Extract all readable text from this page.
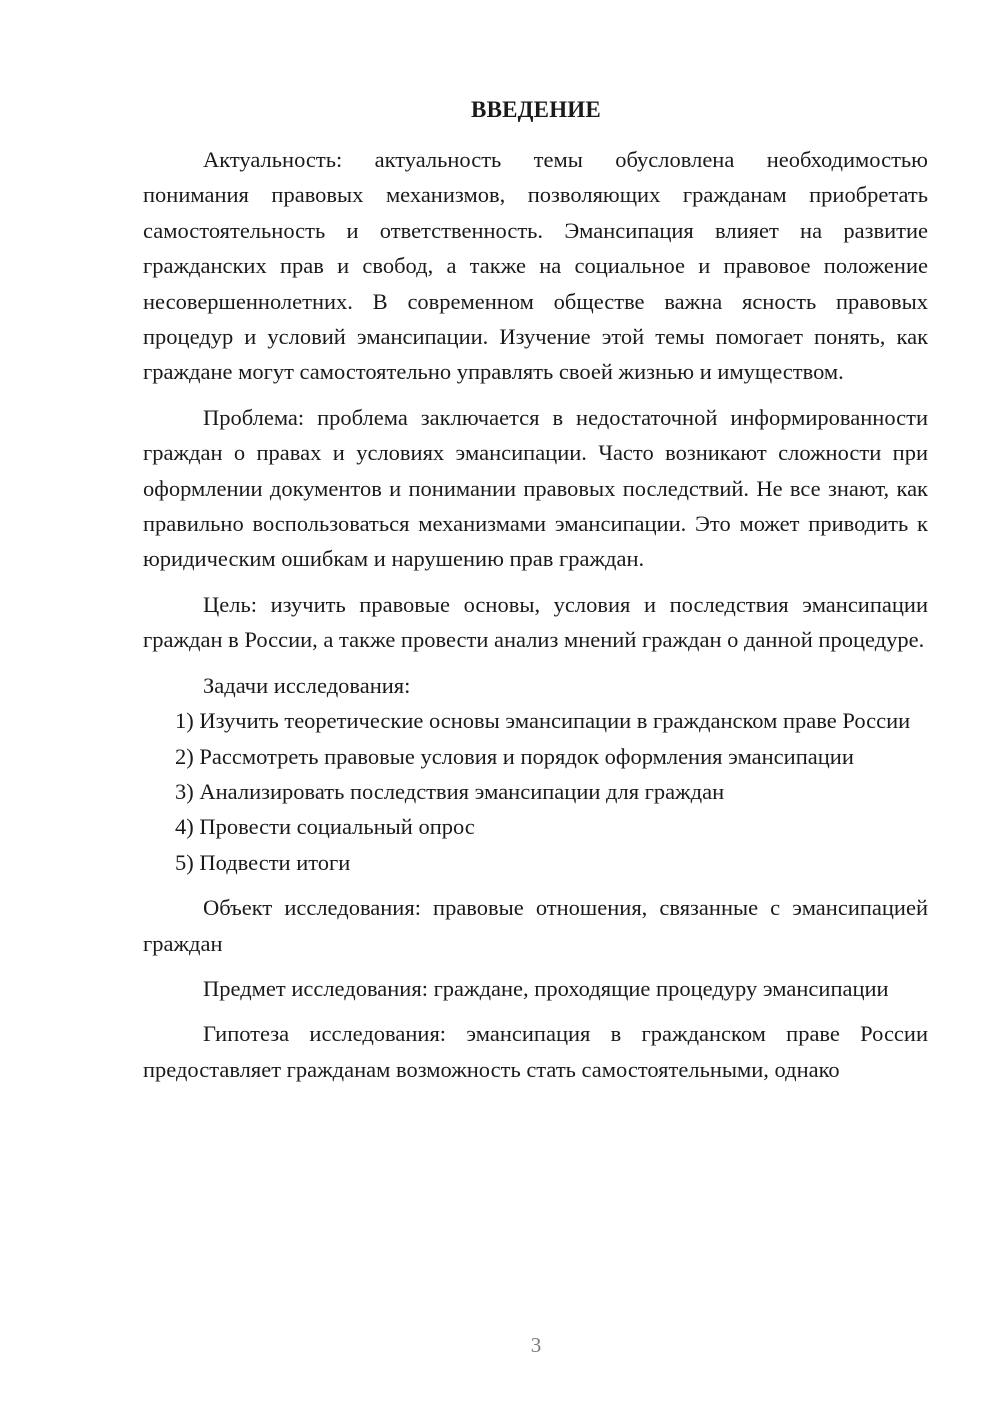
ВВЕДЕНИЕ

Актуальность: актуальность темы обусловлена необходимостью понимания правовых механизмов, позволяющих гражданам приобретать самостоятельность и ответственность. Эмансипация влияет на развитие гражданских прав и свобод, а также на социальное и правовое положение несовершеннолетних. В современном обществе важна ясность правовых процедур и условий эмансипации. Изучение этой темы помогает понять, как граждане могут самостоятельно управлять своей жизнью и имуществом.

Проблема: проблема заключается в недостаточной информированности граждан о правах и условиях эмансипации. Часто возникают сложности при оформлении документов и понимании правовых последствий. Не все знают, как правильно воспользоваться механизмами эмансипации. Это может приводить к юридическим ошибкам и нарушению прав граждан.

Цель: изучить правовые основы, условия и последствия эмансипации граждан в России, а также провести анализ мнений граждан о данной процедуре.

Задачи исследования:

1) Изучить теоретические основы эмансипации в гражданском праве России

2) Рассмотреть правовые условия и порядок оформления эмансипации

3) Анализировать последствия эмансипации для граждан

4) Провести социальный опрос

5) Подвести итоги

Объект исследования: правовые отношения, связанные с эмансипацией граждан

Предмет исследования: граждане, проходящие процедуру эмансипации

Гипотеза исследования: эмансипация в гражданском праве России предоставляет гражданам возможность стать самостоятельными, однако

3
